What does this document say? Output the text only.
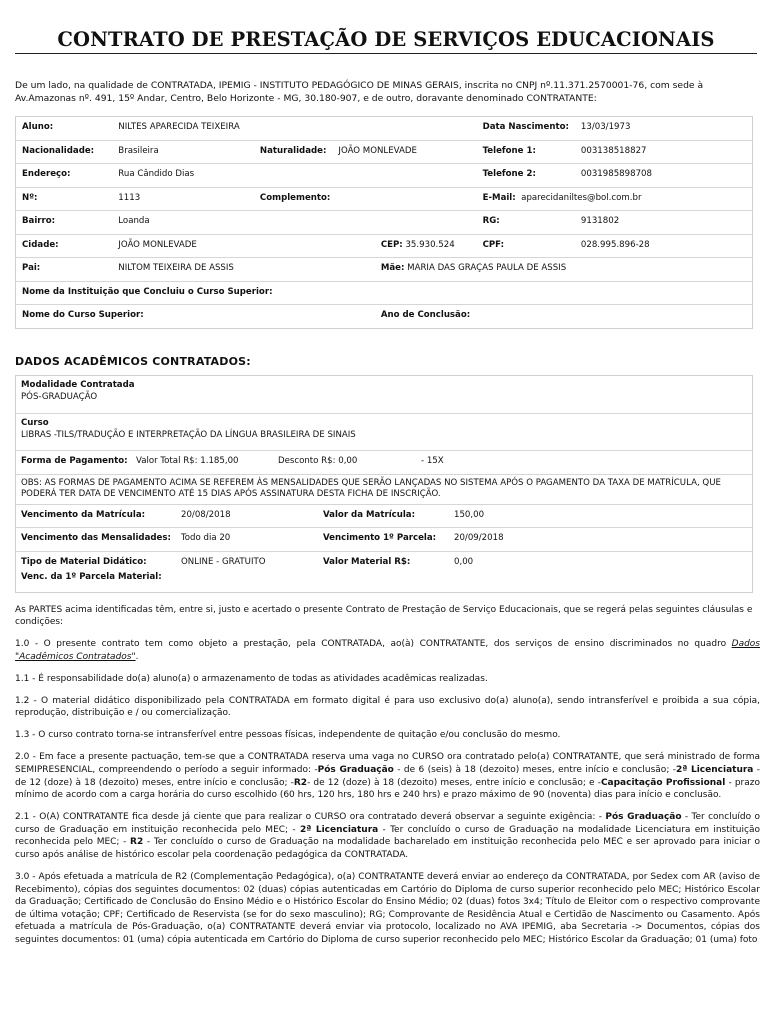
CONTRATO DE PRESTAÇÃO DE SERVIÇOS EDUCACIONAIS
De um lado, na qualidade de CONTRATADA, IPEMIG - INSTITUTO PEDAGÓGICO DE MINAS GERAIS, inscrita no CNPJ nº.11.371.2570001-76, com sede à Av.Amazonas nº. 491, 15º Andar, Centro, Belo Horizonte - MG, 30.180-907, e de outro, doravante denominado CONTRATANTE:
Aluno:	NILTES APARECIDA TEIXEIRA				Data Nascimento:	13/03/1973
Nacionalidade:	Brasileira	Naturalidade:	JOÃO MONLEVADE		Telefone 1:	003138518827
Endereço:	Rua Cândido Dias				Telefone 2:	0031985898708
Nº:	1113	Complemento:			E-Mail: aparecidaniltes@bol.com.br	
Bairro:	Loanda				RG:	9131802
Cidade:	JOÃO MONLEVADE			CEP: 35.930.524	CPF:	028.995.896-28
Pai:	NILTOM TEIXEIRA DE ASSIS			Mãe: MARIA DAS GRAÇAS PAULA DE ASSIS		
Nome da Instituição que Concluiu o Curso Superior:						
Nome do Curso Superior:				Ano de Conclusão:		
DADOS ACADÊMICOS CONTRATADOS:
Modalidade Contratada
PÓS-GRADUAÇÃO
Curso
LIBRAS -TILS/TRADUÇÃO E INTERPRETAÇÃO DA LÍNGUA BRASILEIRA DE SINAIS
Forma de Pagamento: Valor Total R$: 1.185,00	Desconto R$: 0,00	- 15X
OBS: AS FORMAS DE PAGAMENTO ACIMA SE REFEREM ÀS MENSALIDADES QUE SERÃO LANÇADAS NO SISTEMA APÓS O PAGAMENTO DA TAXA DE MATRÍCULA, QUE PODERÁ TER DATA DE VENCIMENTO ATÉ 15 DIAS APÓS ASSINATURA DESTA FICHA DE INSCRIÇÃO.
Vencimento da Matrícula:	20/08/2018	Valor da Matrícula:	150,00
Vencimento das Mensalidades:	Todo dia 20	Vencimento 1º Parcela:	20/09/2018
Tipo de Material Didático:	ONLINE - GRATUITO	Valor Material R$:	0,00
Venc. da 1º Parcela Material:

As PARTES acima identificadas têm, entre si, justo e acertado o presente Contrato de Prestação de Serviço Educacionais, que se regerá pelas seguintes cláusulas e condições:

1.0 - O presente contrato tem como objeto a prestação, pela CONTRATADA, ao(à) CONTRATANTE, dos serviços de ensino discriminados no quadro Dados "Acadêmicos Contratados".

1.1 - É responsabilidade do(a) aluno(a) o armazenamento de todas as atividades acadêmicas realizadas.

1.2 - O material didático disponibilizado pela CONTRATADA em formato digital é para uso exclusivo do(a) aluno(a), sendo intransferível e proibida a sua cópia, reprodução, distribuição e / ou comercialização.

1.3 - O curso contrato torna-se intransferível entre pessoas físicas, independente de quitação e/ou conclusão do mesmo.

2.0 - Em face a presente pactuação, tem-se que a CONTRATADA reserva uma vaga no CURSO ora contratado pelo(a) CONTRATANTE, que será ministrado de forma SEMIPRESENCIAL, compreendendo o período a seguir informado: -Pós Graduação - de 6 (seis) à 18 (dezoito) meses, entre início e conclusão; -2ª Licenciatura - de 12 (doze) à 18 (dezoito) meses, entre início e conclusão; -R2- de 12 (doze) à 18 (dezoito) meses, entre início e conclusão; e -Capacitação Profissional - prazo mínimo de acordo com a carga horária do curso escolhido (60 hrs, 120 hrs, 180 hrs e 240 hrs) e prazo máximo de 90 (noventa) dias para início e conclusão.

2.1 - O(A) CONTRATANTE fica desde já ciente que para realizar o CURSO ora contratado deverá observar a seguinte exigência: - Pós Graduação - Ter concluído o curso de Graduação em instituição reconhecida pelo MEC; - 2ª Licenciatura - Ter concluído o curso de Graduação na modalidade Licenciatura em instituição reconhecida pelo MEC; - R2 - Ter concluído o curso de Graduação na modalidade bacharelado em instituição reconhecida pelo MEC e ser aprovado para iniciar o curso após análise de histórico escolar pela coordenação pedagógica da CONTRATADA.

3.0 - Após efetuada a matrícula de R2 (Complementação Pedagógica), o(a) CONTRATANTE deverá enviar ao endereço da CONTRATADA, por Sedex com AR (aviso de Recebimento), cópias dos seguintes documentos: 02 (duas) cópias autenticadas em Cartório do Diploma de curso superior reconhecido pelo MEC; Histórico Escolar da Graduação; Certificado de Conclusão do Ensino Médio e o Histórico Escolar do Ensino Médio; 02 (duas) fotos 3x4; Título de Eleitor com o respectivo comprovante de última votação; CPF; Certificado de Reservista (se for do sexo masculino); RG; Comprovante de Residência Atual e Certidão de Nascimento ou Casamento. Após efetuada a matrícula de Pós-Graduação, o(a) CONTRATANTE deverá enviar via protocolo, localizado no AVA IPEMIG, aba Secretaria -> Documentos, cópias dos seguintes documentos: 01 (uma) cópia autenticada em Cartório do Diploma de curso superior reconhecido pelo MEC; Histórico Escolar da Graduação; 01 (uma) foto
